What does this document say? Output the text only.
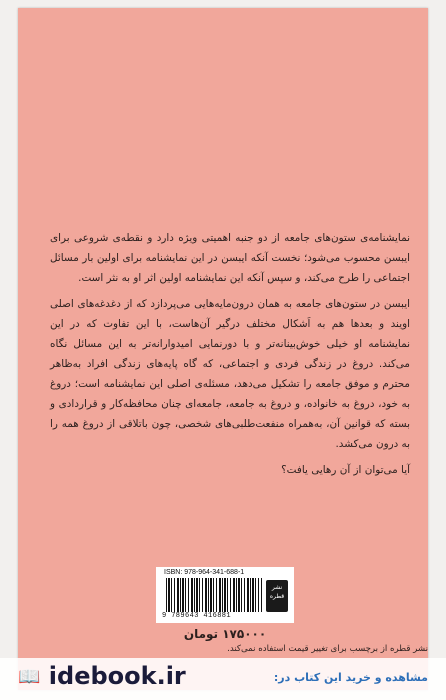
نمایشنامه‌ی ستون‌های جامعه از دو جنبه اهمیتی ویژه دارد و نقطه‌ی شروعی برای ایبسن محسوب می‌شود؛ نخست آنکه ایبسن در این نمایشنامه برای اولین بار مسائل اجتماعی را طرح می‌کند، و سپس آنکه این نمایشنامه اولین اثر او به نثر است.

ایبسن در ستون‌های جامعه به همان درون‌مایه‌هایی می‌پردازد که از دغدغه‌های اصلی اویند و بعدها هم به اَشکال مختلف درگیر آن‌هاست، با این تفاوت که در این نمایشنامه او خیلی خوش‌بینانه‌تر و با دورنمایی امیدوارانه‌تر به این مسائل نگاه می‌کند. دروغ در زندگی فردی و اجتماعی، که گاه پایه‌های زندگی افراد به‌ظاهر محترم و موفق جامعه را تشکیل می‌دهد، مسئله‌ی اصلی این نمایشنامه است؛ دروغ به خود، دروغ به خانواده، و دروغ به جامعه، جامعه‌ای چنان محافظه‌کار و قراردادی و بسته که قوانین آن، به‌همراه منفعت‌طلبی‌های شخصی، چون باتلاقی از دروغ همه را به درون می‌کشد.

آیا می‌توان از آن رهایی یافت؟

ISBN: 978-964-341-688-1
9 789643 416881
نشر قطره
۱۷۵۰۰۰ تومان
نشر قطره از برچسب برای تغییر قیمت استفاده نمی‌کند.
📖 idebook.ir	مشاهده و خرید این کتاب در:
